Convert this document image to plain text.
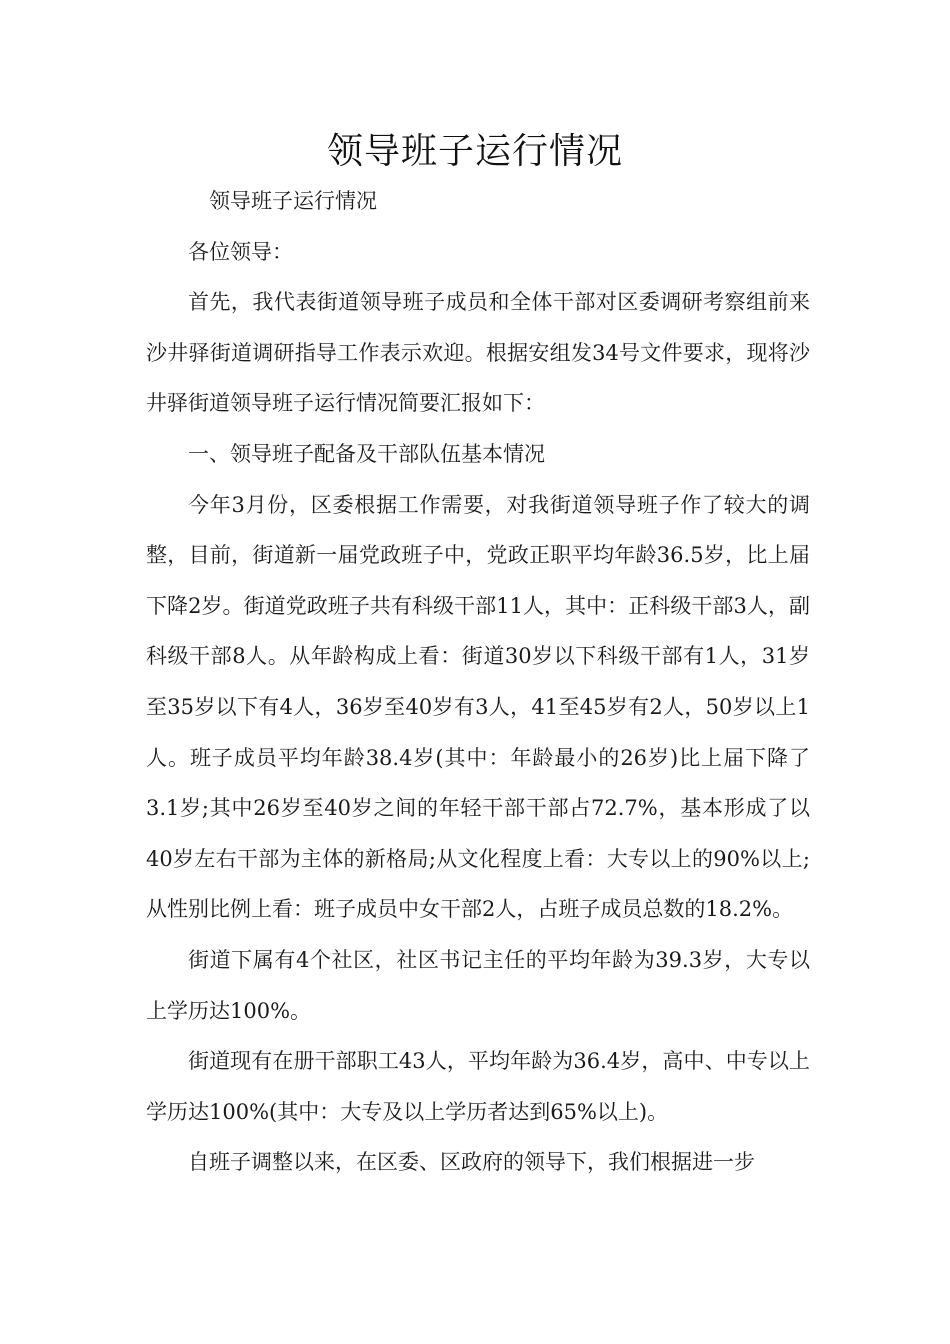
领导班子运行情况

领导班子运行情况

各位领导：

首先，我代表街道领导班子成员和全体干部对区委调研考察组前来沙井驿街道调研指导工作表示欢迎。根据安组发34号文件要求，现将沙井驿街道领导班子运行情况简要汇报如下：

一、领导班子配备及干部队伍基本情况

今年3月份，区委根据工作需要，对我街道领导班子作了较大的调整，目前，街道新一届党政班子中，党政正职平均年龄36.5岁，比上届下降2岁。街道党政班子共有科级干部11人，其中：正科级干部3人，副科级干部8人。从年龄构成上看：街道30岁以下科级干部有1人，31岁至35岁以下有4人，36岁至40岁有3人，41至45岁有2人，50岁以上1人。班子成员平均年龄38.4岁(其中：年龄最小的26岁)比上届下降了3.1岁;其中26岁至40岁之间的年轻干部干部占72.7%，基本形成了以40岁左右干部为主体的新格局;从文化程度上看：大专以上的90%以上;从性别比例上看：班子成员中女干部2人，占班子成员总数的18.2%。

街道下属有4个社区，社区书记主任的平均年龄为39.3岁，大专以上学历达100%。

街道现有在册干部职工43人，平均年龄为36.4岁，高中、中专以上学历达100%(其中：大专及以上学历者达到65%以上)。

自班子调整以来，在区委、区政府的领导下，我们根据进一步
